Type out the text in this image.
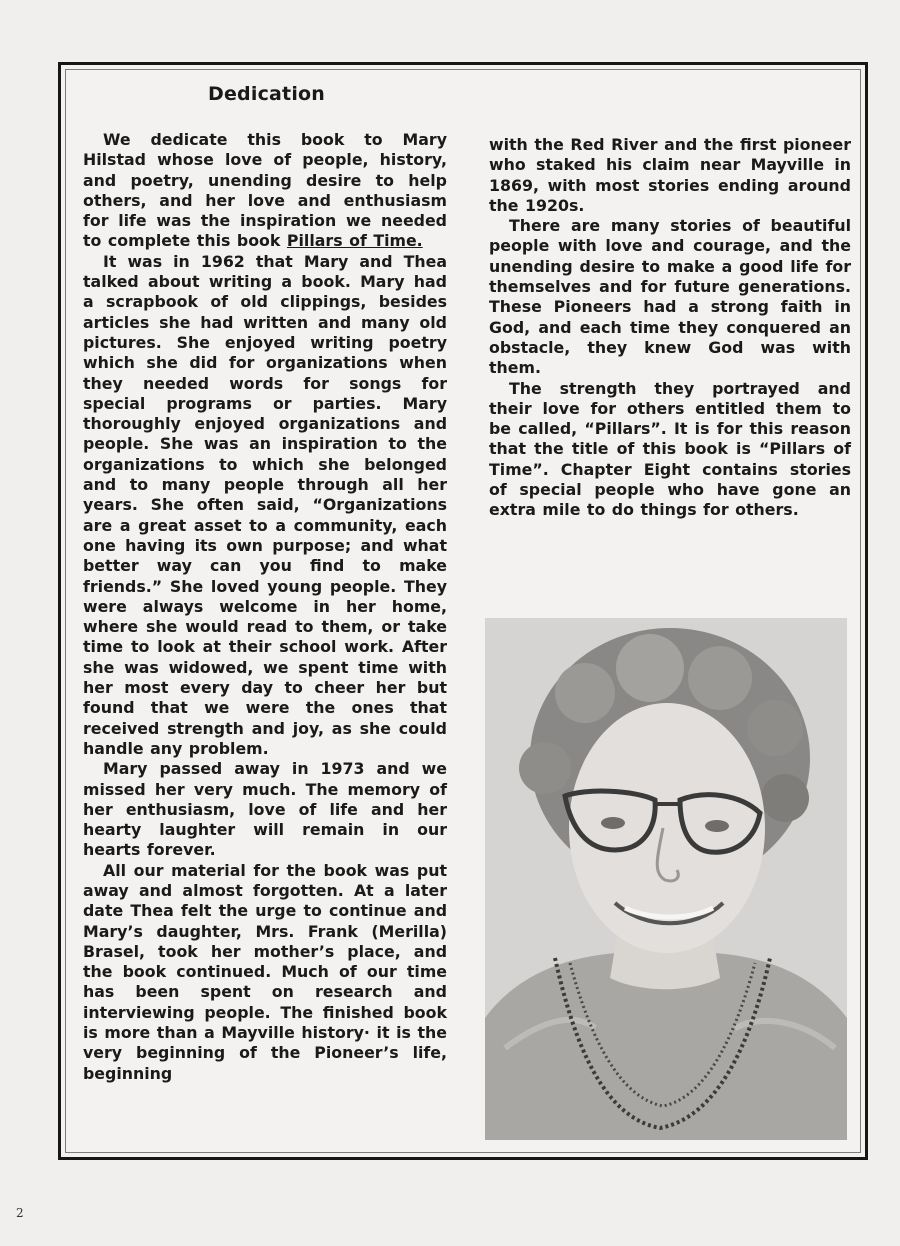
Dedication

We dedicate this book to Mary Hilstad whose love of people, history, and poetry, unending desire to help others, and her love and enthusiasm for life was the inspiration we needed to complete this book Pillars of Time.

It was in 1962 that Mary and Thea talked about writing a book. Mary had a scrapbook of old clippings, besides articles she had written and many old pictures. She enjoyed writing poetry which she did for organizations when they needed words for songs for special programs or parties. Mary thoroughly enjoyed organizations and people. She was an inspiration to the organizations to which she belonged and to many people through all her years. She often said, “Organizations are a great asset to a community, each one having its own purpose; and what better way can you find to make friends.” She loved young people. They were always welcome in her home, where she would read to them, or take time to look at their school work. After she was widowed, we spent time with her most every day to cheer her but found that we were the ones that received strength and joy, as she could handle any problem.

Mary passed away in 1973 and we missed her very much. The memory of her enthusiasm, love of life and her hearty laughter will remain in our hearts forever.

All our material for the book was put away and almost forgotten. At a later date Thea felt the urge to continue and Mary’s daughter, Mrs. Frank (Merilla) Brasel, took her mother’s place, and the book continued. Much of our time has been spent on research and interviewing people. The finished book is more than a Mayville history· it is the very beginning of the Pioneer’s life, beginning

with the Red River and the first pioneer who staked his claim near Mayville in 1869, with most stories ending around the 1920s.

There are many stories of beautiful people with love and courage, and the unending desire to make a good life for themselves and for future generations. These Pioneers had a strong faith in God, and each time they conquered an obstacle, they knew God was with them.

The strength they portrayed and their love for others entitled them to be called, “Pillars”. It is for this reason that the title of this book is “Pillars of Time”. Chapter Eight contains stories of special people who have gone an extra mile to do things for others.

2
